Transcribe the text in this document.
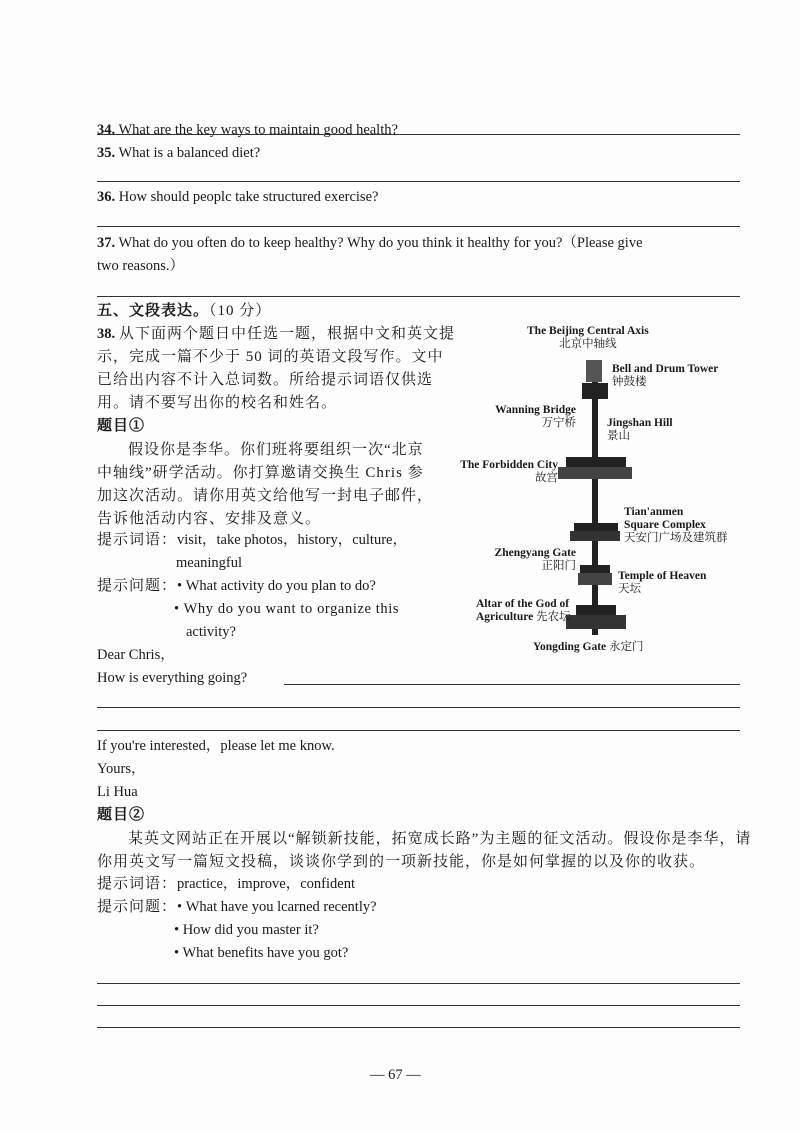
34. What are the key ways to maintain good health?
35. What is a balanced diet?
36. How should peoplc take structured exercise?
37. What do you often do to keep healthy? Why do you think it healthy for you?（Please give
two reasons.）
五、文段表达。（10 分）
38. 从下面两个题日中任选一题，根据中文和英文提
示，完成一篇不少于 50 词的英语文段写作。文中
已给出内容不计入总词数。所给提示词语仅供选
用。请不要写出你的校名和姓名。
题目①
假设你是李华。你们班将要组织一次“北京
中轴线”研学活动。你打算邀请交换生 Chris 参
加这次活动。请你用英文给他写一封电子邮件，
告诉他活动内容、安排及意义。
提示词语：visit，take photos，history，culture，
meaningful
提示问题：• What activity do you plan to do?
• Why do you want to organize this
activity?
Dear Chris，
How is everything going?
If you're interested，please let me know.
Yours，
Li Hua
题目②
某英文网站正在开展以“解锁新技能，拓宽成长路”为主题的征文活动。假设你是李华，请
你用英文写一篇短文投稿，谈谈你学到的一项新技能，你是如何掌握的以及你的收获。
提示词语：practice，improve，confident
提示问题：• What have you lcarned recently?
• How did you master it?
• What benefits have you got?
— 67 —
The Beijing Central Axis
北京中轴线
Bell and Drum Tower
钟鼓楼
Wanning Bridge
万宁桥	Jingshan Hill
景山
The Forbidden City
故宫
Tian'anmen
Square Complex
天安门广场及建筑群
Zhengyang Gate
正阳门
Temple of Heaven
天坛
Altar of the God of
Agriculture 先农坛
Yongding Gate 永定门
